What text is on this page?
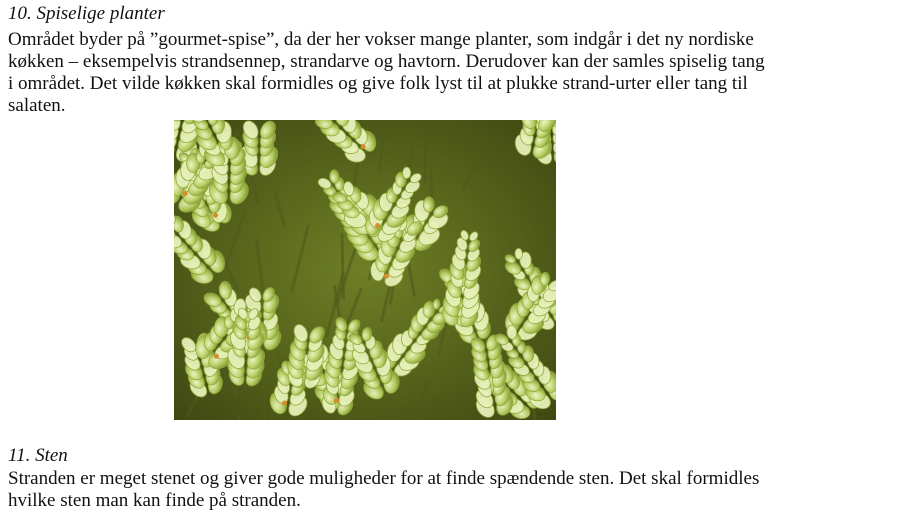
10. Spiselige planter
Området byder på ”gourmet-spise”, da der her vokser mange planter, som indgår i det ny nordiske
køkken – eksempelvis strandsennep, strandarve og havtorn. Derudover kan der samles spiselig tang
i området. Det vilde køkken skal formidles og give folk lyst til at plukke strand-urter eller tang til
salaten.
11. Sten
Stranden er meget stenet og giver gode muligheder for at finde spændende sten. Det skal formidles
hvilke sten man kan finde på stranden.
